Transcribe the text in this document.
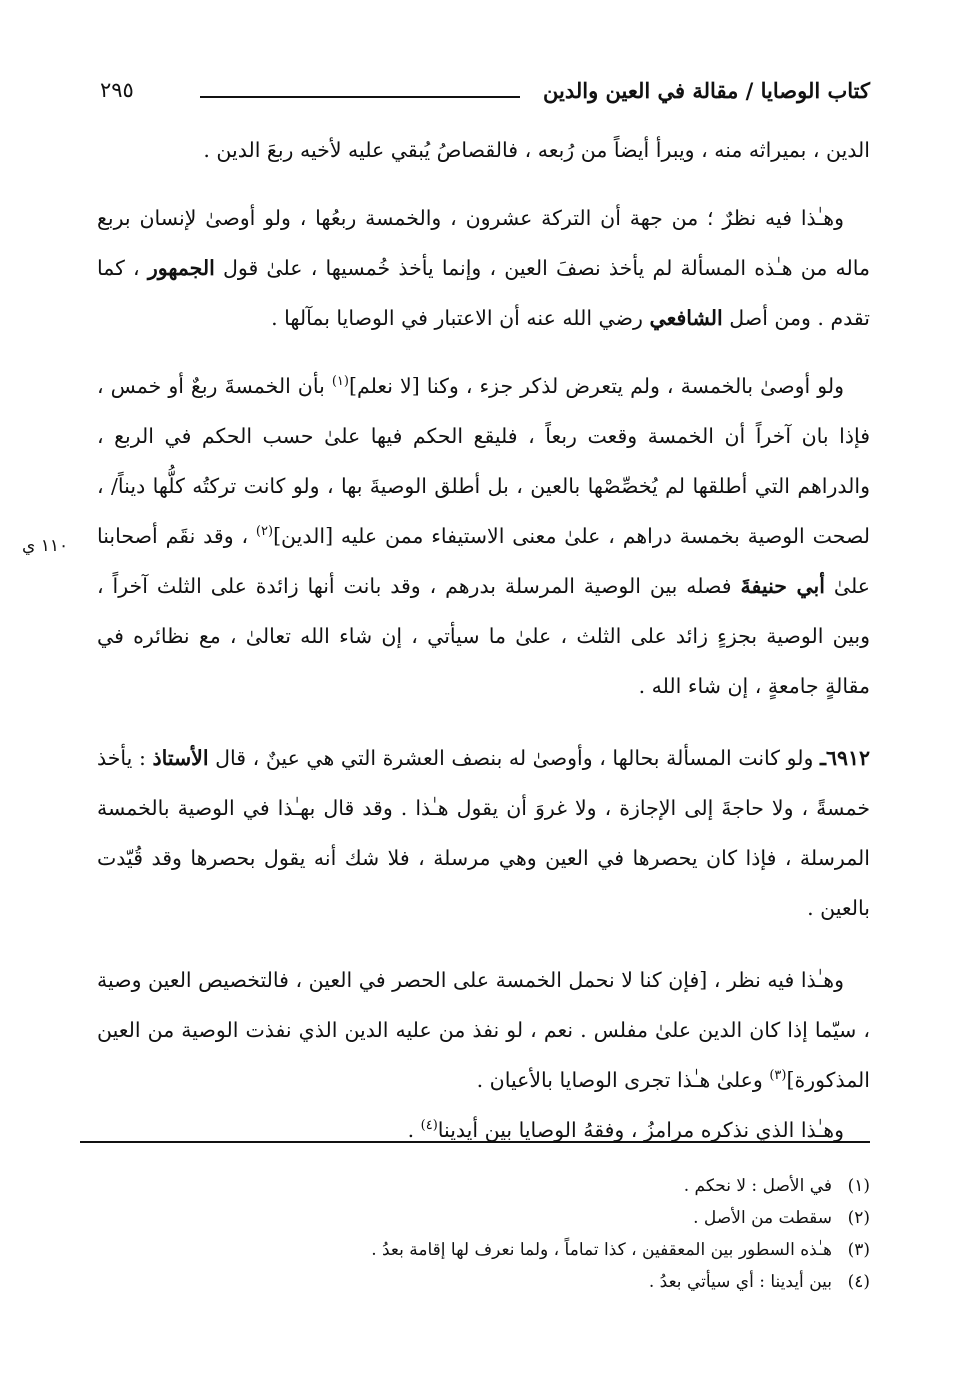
كتاب الوصايا / مقالة في العين والدين
٢٩٥

الدين ، بميراثه منه ، ويبرأ أيضاً من رُبعه ، فالقصاصُ يُبقي عليه لأخيه ربعَ الدين .

وهـٰذا فيه نظرٌ ؛ من جهة أن التركة عشرون ، والخمسة ربعُها ، ولو أوصىٰ لإنسان بربع ماله من هـٰذه المسألة لم يأخذ نصفَ العين ، وإنما يأخذ خُمسيها ، علىٰ قول الجمهور ، كما تقدم . ومن أصل الشافعي رضي الله عنه أن الاعتبار في الوصايا بمآلها .

ولو أوصىٰ بالخمسة ، ولم يتعرض لذكر جزء ، وكنا [لا نعلم]$^{(١)}$ بأن الخمسةَ ربعٌ أو خمس ، فإذا بان آخراً أن الخمسة وقعت ربعاً ، فليقع الحكم فيها علىٰ حسب الحكم في الربع ، والدراهم التي أطلقها لم يُخصِّصْها بالعين ، بل أطلق الوصيةَ بها ، ولو كانت تركتُه كلُّها ديناً/ ، لصحت الوصية بخمسة دراهم ، علىٰ معنى الاستيفاء ممن عليه [الدين]$^{(٢)}$ ، وقد نقَم أصحابنا علىٰ أبي حنيفةَ فصله بين الوصية المرسلة بدرهم ، وقد بانت أنها زائدة على الثلث آخراً ، وبين الوصية بجزءٍ زائد على الثلث ، علىٰ ما سيأتي ، إن شاء الله تعالىٰ ، مع نظائره في مقالةٍ جامعةٍ ، إن شاء الله .

٦٩١٢ـ ولو كانت المسألة بحالها ، وأوصىٰ له بنصف العشرة التي هي عينٌ ، قال الأستاذ : يأخذ خمسةً ، ولا حاجةَ إلى الإجازة ، ولا غروَ أن يقول هـٰذا . وقد قال بهـٰذا في الوصية بالخمسة المرسلة ، فإذا كان يحصرها في العين وهي مرسلة ، فلا شك أنه يقول بحصرها وقد قُيّدت بالعين .

وهـٰذا فيه نظر ، [فإن كنا لا نحمل الخمسة على الحصر في العين ، فالتخصيص العين وصية ، سيّما إذا كان الدين علىٰ مفلس . نعم ، لو نفذ من عليه الدين الذي نفذت الوصية من العين المذكورة]$^{(٣)}$ وعلىٰ هـٰذا تجرى الوصايا بالأعيان .

وهـٰذا الذي نذكره مرامزُ ، وفقهُ الوصايا بين أيدينا$^{(٤)}$ .

١١٠ ي
(١)في الأصل : لا نحكم .
(٢)سقطت من الأصل .
(٣)هـٰذه السطور بين المعقفين ، كذا تماماً ، ولما نعرف لها إقامة بعدُ .
(٤)بين أيدينا : أي سيأتي بعدُ .
